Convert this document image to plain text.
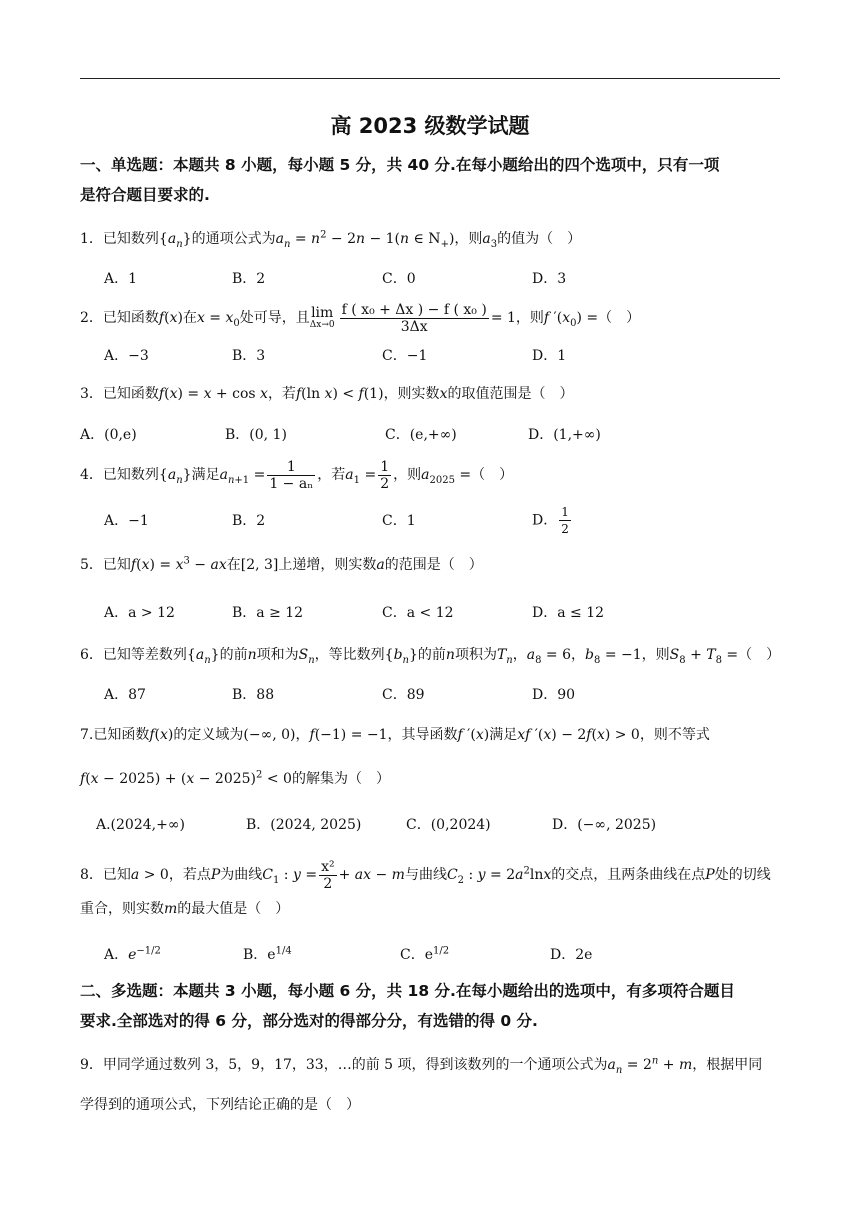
高 2023 级数学试题
一、单选题：本题共 8 小题，每小题 5 分，共 40 分.在每小题给出的四个选项中，只有一项
是符合题目要求的.
1．已知数列$\{a_n\}$的通项公式为$a_n = n^2 - 2n - 1(n$ ∈ $N_+$)，则$a_3$的值为（　）
A．1	B．2	C．0	D．3
2．已知函数f(x)在$x = x_0$处可导，且lim
$\Delta x\to 0 \frac{\text{f ( x₀ + Δx ) − f ( x₀ )}}{3\Delta x} = 1$，则f $'(x_0)$ =（　）
A．−3	B．3	C．−1	D．1
3．已知函数f(x) = x + cos x，若f(ln x) < f(1)，则实数x的取值范围是（　）
A．(0,e)	B．(0, 1)	C．(e,+∞)	D．(1,+∞)
4．已知数列$\{a_n\}$满足$a_{n+1} = \frac{1}{\text{1 − aₙ}}$ ，若$a_1 = \frac{1}{2}$ ，则$a_{2025}$ =（　）
A．−1	B．2	C．1	D． $\frac{1}{2}$
5．已知$f(x) = x^3$ − ax在[2, 3]上递增，则实数a的范围是（　）
A．a > 12	B．a ≥ 12	C．a < 12	D．a ≤ 12
6．已知等差数列$\{a_n\}$的前n项和为$S_n$，等比数列$\{b_n\}$的前n项积为$T_n$，$a_8 = 6$，$b_8 = -1$，则$S_8 + T_8$ =（　）
A．87	B．88	C．89	D．90
7.已知函数f(x)的定义域为(−∞, 0)，f(−1) = −1，其导函数f ′(x)满足xf ′(x) − 2f(x) > 0，则不等式
$f(x - 2025) + (x - 2025)^2 < 0$的解集为（　）
A.(2024,+∞)	B．(2024, 2025)	C．(0,2024)	D．(−∞, 2025)
8．已知a > 0，若点P为曲线$C_1$ : $y = \frac{\text{x²}}{2}$ + ax − m与曲线$C_2$ : $y = 2a^2\ln x$的交点，且两条曲线在点P处的切线
重合，则实数m的最大值是（　）
A．$e^{-1/2}$	B．$e^{1/4}$	C．$e^{1/2}$	D．2e
二、多选题：本题共 3 小题，每小题 6 分，共 18 分.在每小题给出的选项中，有多项符合题目
要求.全部选对的得 6 分，部分选对的得部分分，有选错的得 0 分.
9．甲同学通过数列 3，5，9，17，33，…的前 5 项，得到该数列的一个通项公式为$a_n = 2^n + m$，根据甲同
学得到的通项公式，下列结论正确的是（　）
